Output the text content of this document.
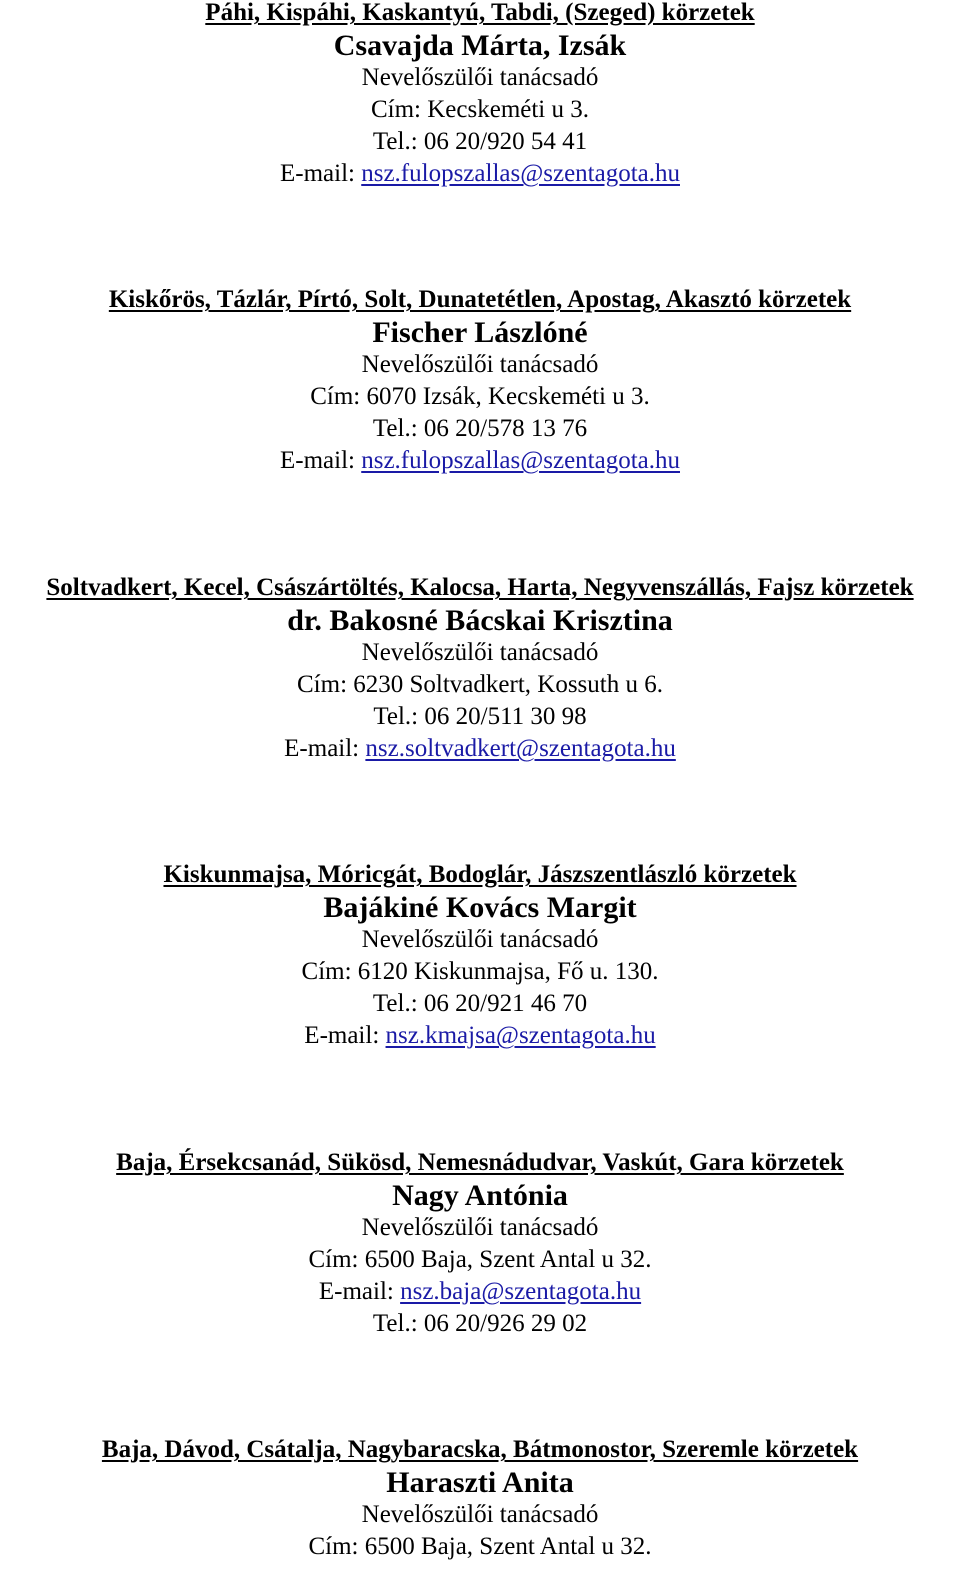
Páhi, Kispáhi, Kaskantyú, Tabdi, (Szeged) körzetek
Csavajda Márta, Izsák
Nevelőszülői tanácsadó
Cím: Kecskeméti u 3.
Tel.: 06 20/920 54 41
E-mail: nsz.fulopszallas@szentagota.hu
Kiskőrös, Tázlár, Pírtó, Solt, Dunatetétlen, Apostag, Akasztó körzetek
Fischer Lászlóné
Nevelőszülői tanácsadó
Cím: 6070 Izsák, Kecskeméti u 3.
Tel.: 06 20/578 13 76
E-mail: nsz.fulopszallas@szentagota.hu
Soltvadkert, Kecel, Császártöltés, Kalocsa, Harta, Negyvenszállás, Fajsz körzetek
dr. Bakosné Bácskai Krisztina
Nevelőszülői tanácsadó
Cím: 6230 Soltvadkert, Kossuth u 6.
Tel.: 06 20/511 30 98
E-mail: nsz.soltvadkert@szentagota.hu
Kiskunmajsa, Móricgát, Bodoglár, Jászszentlászló körzetek
Bajákiné Kovács Margit
Nevelőszülői tanácsadó
Cím: 6120 Kiskunmajsa, Fő u. 130.
Tel.: 06 20/921 46 70
E-mail: nsz.kmajsa@szentagota.hu
Baja, Érsekcsanád, Sükösd, Nemesnádudvar, Vaskút, Gara körzetek
Nagy Antónia
Nevelőszülői tanácsadó
Cím: 6500 Baja, Szent Antal u 32.
E-mail: nsz.baja@szentagota.hu
Tel.: 06 20/926 29 02
Baja, Dávod, Csátalja, Nagybaracska, Bátmonostor, Szeremle körzetek
Haraszti Anita
Nevelőszülői tanácsadó
Cím: 6500 Baja, Szent Antal u 32.
